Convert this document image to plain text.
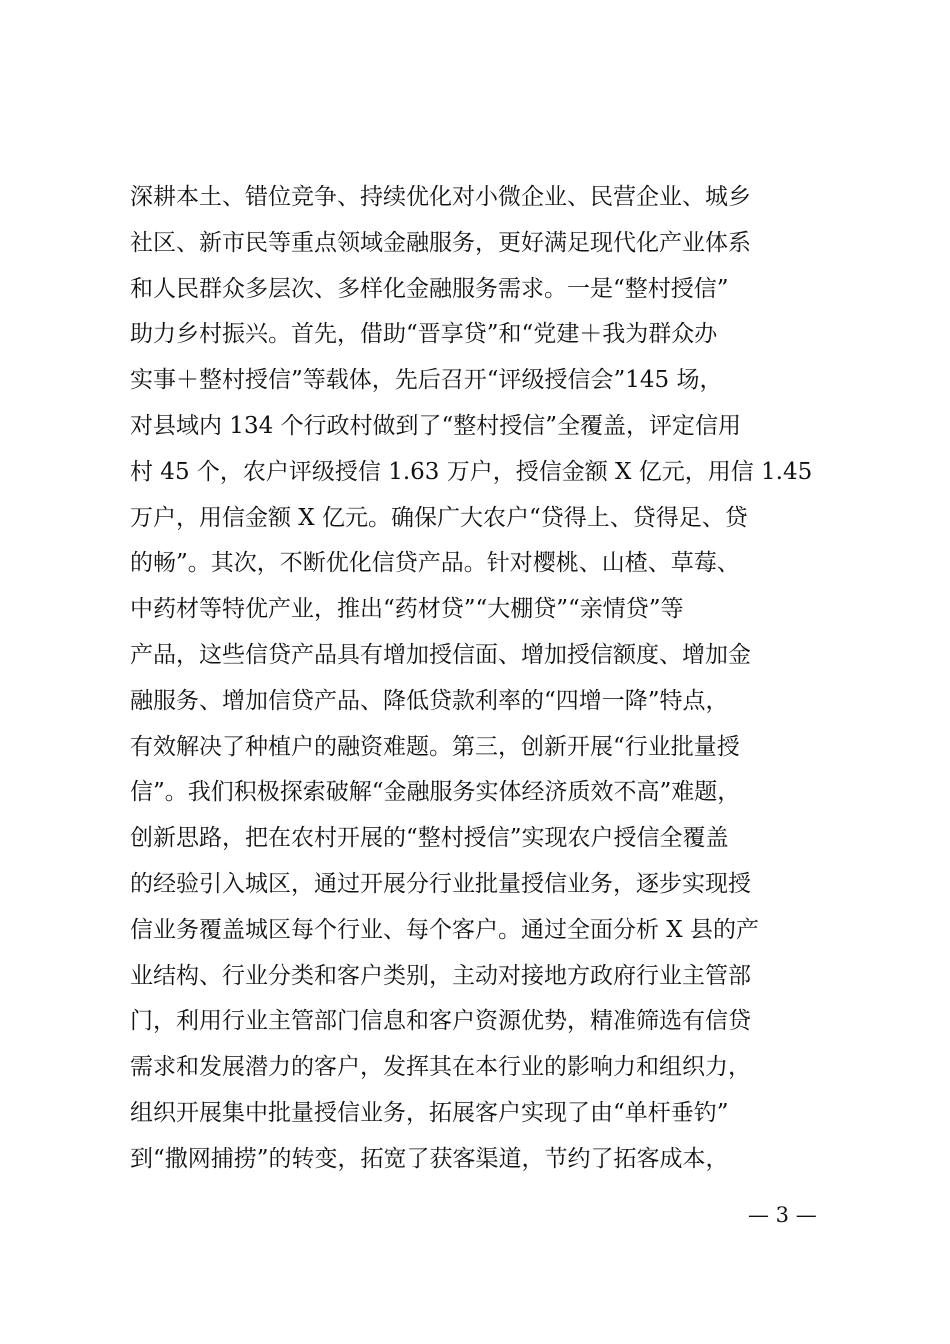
深耕本土、错位竞争、持续优化对小微企业、民营企业、城乡
社区、新市民等重点领域金融服务，更好满足现代化产业体系
和人民群众多层次、多样化金融服务需求。一是“整村授信”
助力乡村振兴。首先，借助“晋享贷”和“党建＋我为群众办
实事＋整村授信”等载体，先后召开“评级授信会”145 场，
对县域内 134 个行政村做到了“整村授信”全覆盖，评定信用
村 45 个，农户评级授信 1.63 万户，授信金额 X 亿元，用信 1.45
万户，用信金额 X 亿元。确保广大农户“贷得上、贷得足、贷
的畅”。其次，不断优化信贷产品。针对樱桃、山楂、草莓、
中药材等特优产业，推出“药材贷”“大棚贷”“亲情贷”等
产品，这些信贷产品具有增加授信面、增加授信额度、增加金
融服务、增加信贷产品、降低贷款利率的“四增一降”特点，
有效解决了种植户的融资难题。第三，创新开展“行业批量授
信”。我们积极探索破解“金融服务实体经济质效不高”难题，
创新思路，把在农村开展的“整村授信”实现农户授信全覆盖
的经验引入城区，通过开展分行业批量授信业务，逐步实现授
信业务覆盖城区每个行业、每个客户。通过全面分析 X 县的产
业结构、行业分类和客户类别，主动对接地方政府行业主管部
门，利用行业主管部门信息和客户资源优势，精准筛选有信贷
需求和发展潜力的客户，发挥其在本行业的影响力和组织力，
组织开展集中批量授信业务，拓展客户实现了由“单杆垂钓”
到“撒网捕捞”的转变，拓宽了获客渠道，节约了拓客成本，
— 3 —
